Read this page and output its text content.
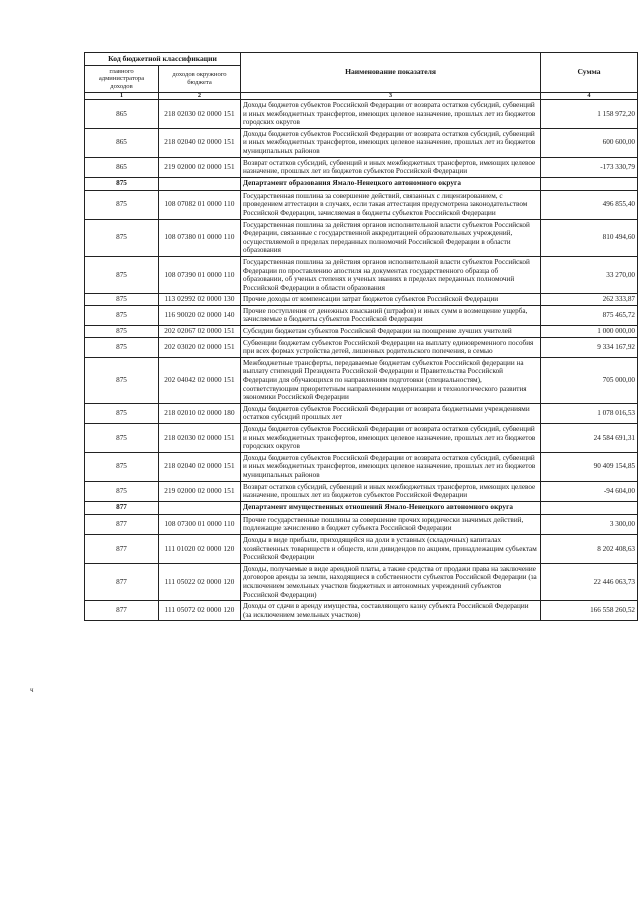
ч
Код бюджетной классификации		Наименование показателя	Сумма
главного администратора доходов	доходов окружного бюджета		
1	2	3	4
865	218 02030 02 0000 151	Доходы бюджетов субъектов Российской Федерации от возврата остатков субсидий, субвенций и иных межбюджетных трансфертов, имеющих целевое назначение, прошлых лет из бюджетов городских округов	1 158 972,20
865	218 02040 02 0000 151	Доходы бюджетов субъектов Российской Федерации от возврата остатков субсидий, субвенций и иных межбюджетных трансфертов, имеющих целевое назначение, прошлых лет из бюджетов муниципальных районов	600 600,00
865	219 02000 02 0000 151	Возврат остатков субсидий, субвенций и иных межбюджетных трансфертов, имеющих целевое назначение, прошлых лет из бюджетов субъектов Российской Федерации	-173 330,79
875		Департамент образования Ямало-Ненецкого автономного округа	
875	108 07082 01 0000 110	Государственная пошлина за совершение действий, связанных с лицензированием, с проведением аттестации в случаях, если такая аттестация предусмотрена законодательством Российской Федерации, зачисляемая в бюджеты субъектов Российской Федерации	496 855,40
875	108 07380 01 0000 110	Государственная пошлина за действия органов исполнительной власти субъектов Российской Федерации, связанные с государственной аккредитацией образовательных учреждений, осуществляемой в пределах переданных полномочий Российской Федерации в области образования	810 494,60
875	108 07390 01 0000 110	Государственная пошлина за действия органов исполнительной власти субъектов Российской Федерации по проставлению апостиля на документах государственного образца об образовании, об ученых степенях и ученых званиях в пределах переданных полномочий Российской Федерации в области образования	33 270,00
875	113 02992 02 0000 130	Прочие доходы от компенсации затрат бюджетов субъектов Российской Федерации	262 333,87
875	116 90020 02 0000 140	Прочие поступления от денежных взысканий (штрафов) и иных сумм в возмещение ущерба, зачисляемые в бюджеты субъектов Российской Федерации	875 465,72
875	202 02067 02 0000 151	Субсидии бюджетам субъектов Российской Федерации на поощрение лучших учителей	1 000 000,00
875	202 03020 02 0000 151	Субвенции бюджетам субъектов Российской Федерации на выплату единовременного пособия при всех формах устройства детей, лишенных родительского попечения, в семью	9 334 167,92
875	202 04042 02 0000 151	Межбюджетные трансферты, передаваемые бюджетам субъектов Российской федерации на выплату стипендий Президента Российской Федерации и Правительства Российской Федерации для обучающихся по направлениям подготовки (специальностям), соответствующим приоритетным направлениям модернизации и технологического развития экономики Российской Федерации	705 000,00
875	218 02010 02 0000 180	Доходы бюджетов субъектов Российской Федерации от возврата бюджетными учреждениями остатков субсидий прошлых лет	1 078 016,53
875	218 02030 02 0000 151	Доходы бюджетов субъектов Российской Федерации от возврата остатков субсидий, субвенций и иных межбюджетных трансфертов, имеющих целевое назначение, прошлых лет из бюджетов городских округов	24 584 691,31
875	218 02040 02 0000 151	Доходы бюджетов субъектов Российской Федерации от возврата остатков субсидий, субвенций и иных межбюджетных трансфертов, имеющих целевое назначение, прошлых лет из бюджетов муниципальных районов	90 409 154,85
875	219 02000 02 0000 151	Возврат остатков субсидий, субвенций и иных межбюджетных трансфертов, имеющих целевое назначение, прошлых лет из бюджетов субъектов Российской Федерации	-94 604,00
877		Департамент имущественных отношений Ямало-Ненецкого автономного округа	
877	108 07300 01 0000 110	Прочие государственные пошлины за совершение прочих юридически значимых действий, подлежащие зачислению в бюджет субъекта Российской Федерации	3 300,00
877	111 01020 02 0000 120	Доходы в виде прибыли, приходящейся на доли в уставных (складочных) капиталах хозяйственных товариществ и обществ, или дивидендов по акциям, принадлежащим субъектам Российской Федерации	8 202 408,63
877	111 05022 02 0000 120	Доходы, получаемые в виде арендной платы, а также средства от продажи права на заключение договоров аренды за земли, находящиеся в собственности субъектов Российской Федерации (за исключением земельных участков бюджетных и автономных учреждений субъектов Российской Федерации)	22 446 063,73
877	111 05072 02 0000 120	Доходы от сдачи в аренду имущества, составляющего казну субъекта Российской Федерации (за исключением земельных участков)	166 558 260,52
